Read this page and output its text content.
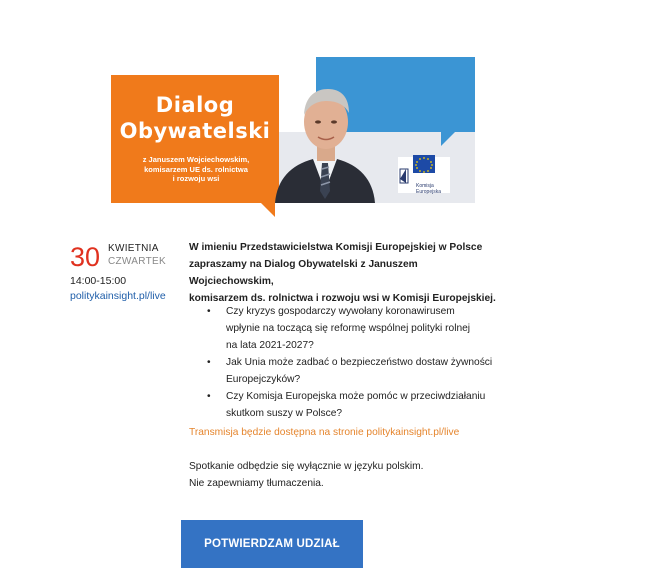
Dialog
Obywatelski
z Januszem Wojciechowskim,
komisarzem UE ds. rolnictwa
i rozwoju wsi
30 kwietnia 2020 r.
14:00-15:00
Komisja
Europejska
30 KWIETNIA
CZWARTEK
14:00-15:00
politykainsight.pl/live
W imieniu Przedstawicielstwa Komisji Europejskiej w Polsce
zapraszamy na Dialog Obywatelski z Januszem Wojciechowskim,
komisarzem ds. rolnictwa i rozwoju wsi w Komisji Europejskiej.
• Czy kryzys gospodarczy wywołany koronawirusem
wpłynie na toczącą się reformę wspólnej polityki rolnej
na lata 2021-2027?
• Jak Unia może zadbać o bezpieczeństwo dostaw żywności
Europejczyków?
• Czy Komisja Europejska może pomóc w przeciwdziałaniu
skutkom suszy w Polsce?
Transmisja będzie dostępna na stronie politykainsight.pl/live
Spotkanie odbędzie się wyłącznie w języku polskim.
Nie zapewniamy tłumaczenia.
POTWIERDZAM UDZIAŁ
